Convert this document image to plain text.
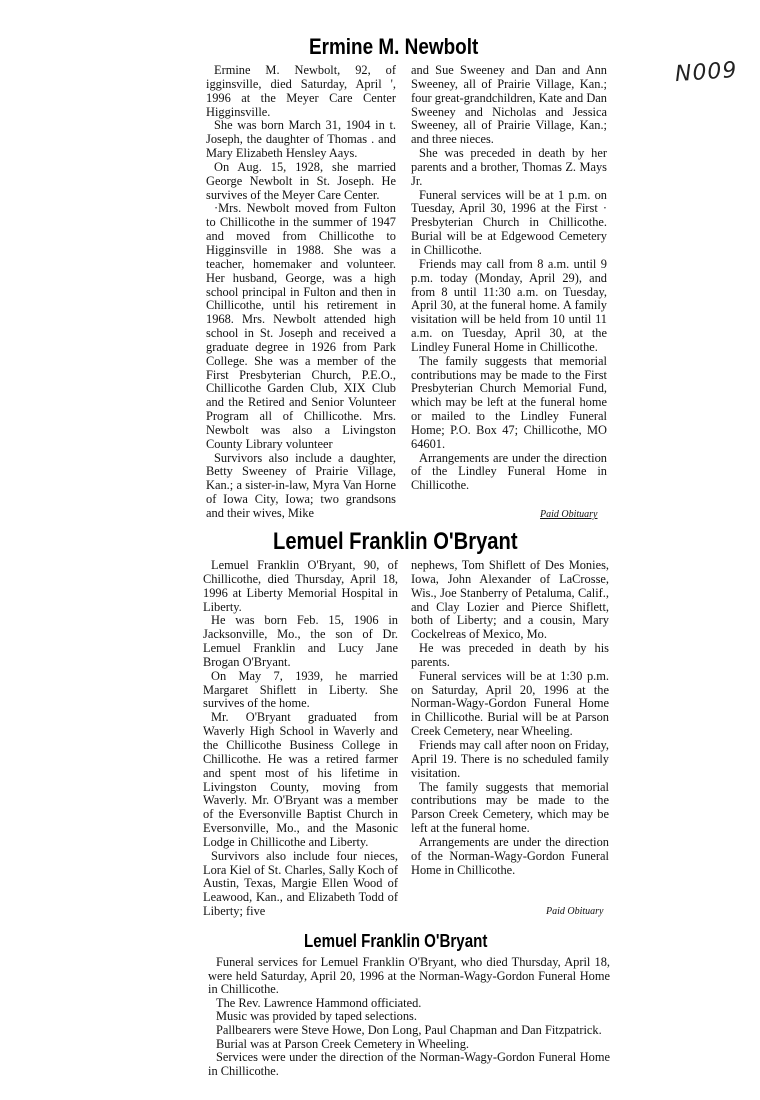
N009
Ermine M. Newbolt

Ermine M. Newbolt, 92, of igginsville, died Saturday, April ', 1996 at the Meyer Care Center Higginsville.

She was born March 31, 1904 in t. Joseph, the daughter of Thomas . and Mary Elizabeth Hensley Aays.

On Aug. 15, 1928, she married George Newbolt in St. Joseph. He survives of the Meyer Care Center.

·Mrs. Newbolt moved from Fulton to Chillicothe in the summer of 1947 and moved from Chillicothe to Higginsville in 1988. She was a teacher, homemaker and volunteer. Her husband, George, was a high school principal in Fulton and then in Chillicothe, until his retirement in 1968. Mrs. Newbolt attended high school in St. Joseph and received a graduate degree in 1926 from Park College. She was a member of the First Presbyterian Church, P.E.O., Chillicothe Garden Club, XIX Club and the Retired and Senior Volunteer Program all of Chillicothe. Mrs. Newbolt was also a Livingston County Library volunteer

Survivors also include a daughter, Betty Sweeney of Prairie Village, Kan.; a sister-in-law, Myra Van Horne of Iowa City, Iowa; two grandsons and their wives, Mike

and Sue Sweeney and Dan and Ann Sweeney, all of Prairie Village, Kan.; four great-grandchildren, Kate and Dan Sweeney and Nicholas and Jessica Sweeney, all of Prairie Village, Kan.; and three nieces.

She was preceded in death by her parents and a brother, Thomas Z. Mays Jr.

Funeral services will be at 1 p.m. on Tuesday, April 30, 1996 at the First · Presbyterian Church in Chillicothe. Burial will be at Edgewood Cemetery in Chillicothe.

Friends may call from 8 a.m. until 9 p.m. today (Monday, April 29), and from 8 until 11:30 a.m. on Tuesday, April 30, at the funeral home. A family visitation will be held from 10 until 11 a.m. on Tuesday, April 30, at the Lindley Funeral Home in Chillicothe.

The family suggests that memorial contributions may be made to the First Presbyterian Church Memorial Fund, which may be left at the funeral home or mailed to the Lindley Funeral Home; P.O. Box 47; Chillicothe, MO 64601.

Arrangements are under the direction of the Lindley Funeral Home in Chillicothe.

Paid Obituary
Lemuel Franklin O'Bryant

Lemuel Franklin O'Bryant, 90, of Chillicothe, died Thursday, April 18, 1996 at Liberty Memorial Hospital in Liberty.

He was born Feb. 15, 1906 in Jacksonville, Mo., the son of Dr. Lemuel Franklin and Lucy Jane Brogan O'Bryant.

On May 7, 1939, he married Margaret Shiflett in Liberty. She survives of the home.

Mr. O'Bryant graduated from Waverly High School in Waverly and the Chillicothe Business College in Chillicothe. He was a retired farmer and spent most of his lifetime in Livingston County, moving from Waverly. Mr. O'Bryant was a member of the Eversonville Baptist Church in Eversonville, Mo., and the Masonic Lodge in Chillicothe and Liberty.

Survivors also include four nieces, Lora Kiel of St. Charles, Sally Koch of Austin, Texas, Margie Ellen Wood of Leawood, Kan., and Elizabeth Todd of Liberty; five

nephews, Tom Shiflett of Des Monies, Iowa, John Alexander of LaCrosse, Wis., Joe Stanberry of Petaluma, Calif., and Clay Lozier and Pierce Shiflett, both of Liberty; and a cousin, Mary Cockelreas of Mexico, Mo.

He was preceded in death by his parents.

Funeral services will be at 1:30 p.m. on Saturday, April 20, 1996 at the Norman-Wagy-Gordon Funeral Home in Chillicothe. Burial will be at Parson Creek Cemetery, near Wheeling.

Friends may call after noon on Friday, April 19. There is no scheduled family visitation.

The family suggests that memorial contributions may be made to the Parson Creek Cemetery, which may be left at the funeral home.

Arrangements are under the direction of the Norman-Wagy-Gordon Funeral Home in Chillicothe.

Paid Obituary
Lemuel Franklin O'Bryant

Funeral services for Lemuel Franklin O'Bryant, who died Thursday, April 18, were held Saturday, April 20, 1996 at the Norman-Wagy-Gordon Funeral Home in Chillicothe.

The Rev. Lawrence Hammond officiated.

Music was provided by taped selections.

Pallbearers were Steve Howe, Don Long, Paul Chapman and Dan Fitzpatrick.

Burial was at Parson Creek Cemetery in Wheeling.

Services were under the direction of the Norman-Wagy-Gordon Funeral Home in Chillicothe.
